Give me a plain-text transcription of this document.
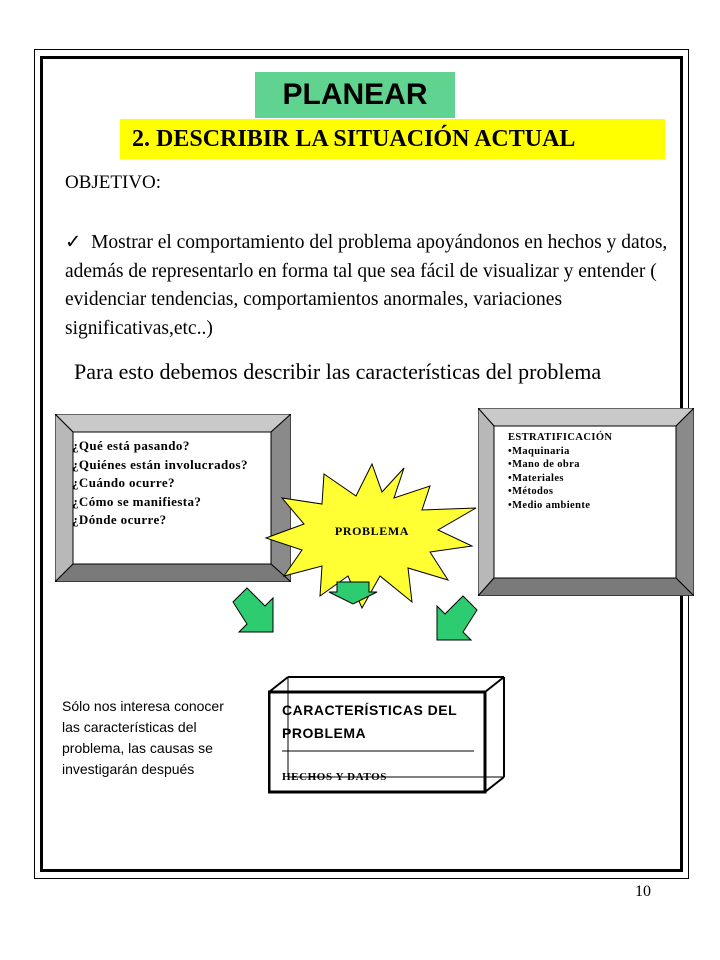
PLANEAR
2. DESCRIBIR LA SITUACIÓN ACTUAL
OBJETIVO:
✓ Mostrar el comportamiento del problema apoyándonos en hechos y datos, además de representarlo en forma tal que sea fácil de visualizar y entender ( evidenciar tendencias, comportamientos anormales, variaciones significativas,etc..)
Para esto debemos describir las características del problema
¿Qué está pasando?
¿Quiénes están involucrados?
¿Cuándo ocurre?
¿Cómo se manifiesta?
¿Dónde ocurre?
ESTRATIFICACIÓN
• Maquinaria
• Mano de obra
• Materiales
• Métodos
• Medio ambiente
PROBLEMA
CARACTERÍSTICAS DEL PROBLEMA
HECHOS Y DATOS
Sólo nos interesa conocer las características del problema, las causas se investigarán después
10
